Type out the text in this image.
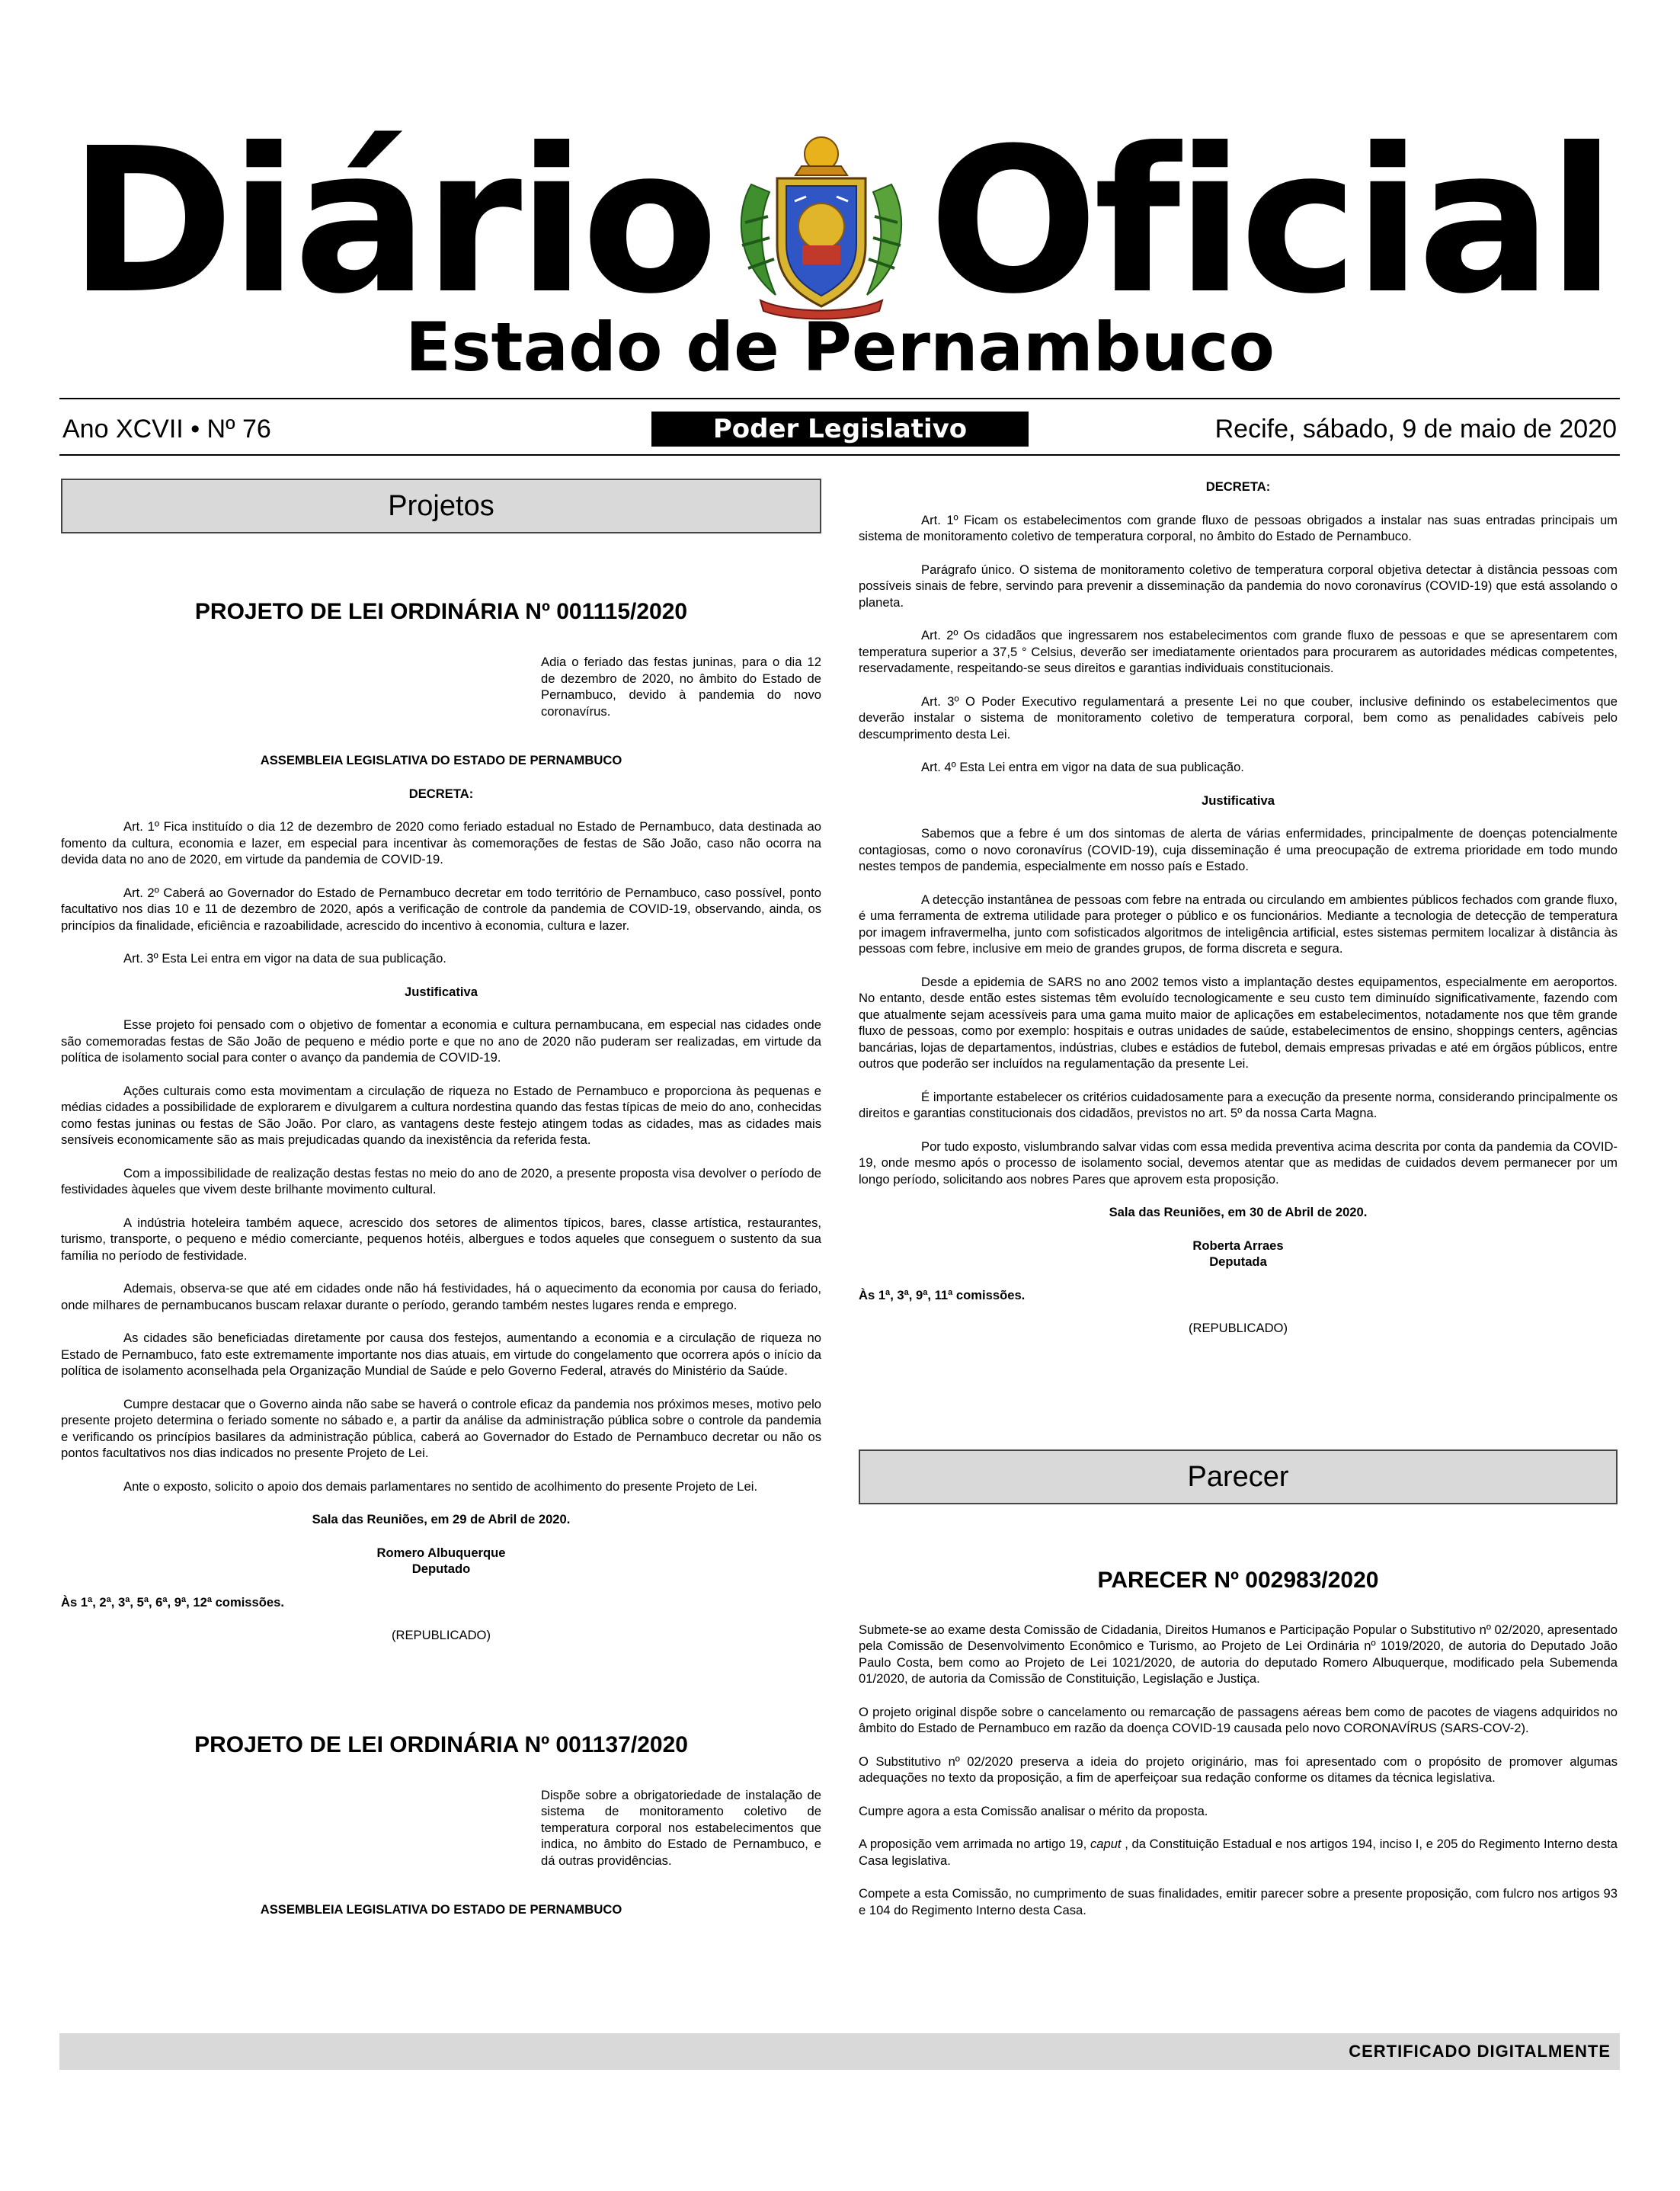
Diário Oficial
Estado de Pernambuco
Ano XCVII • Nº 76	Poder Legislativo	Recife, sábado, 9 de maio de 2020
Projetos
PROJETO DE LEI ORDINÁRIA Nº 001115/2020

Adia o feriado das festas juninas, para o dia 12 de dezembro de 2020, no âmbito do Estado de Pernambuco, devido à pandemia do novo coronavírus.

ASSEMBLEIA LEGISLATIVA DO ESTADO DE PERNAMBUCO

DECRETA:

Art. 1º Fica instituído o dia 12 de dezembro de 2020 como feriado estadual no Estado de Pernambuco, data destinada ao fomento da cultura, economia e lazer, em especial para incentivar às comemorações de festas de São João, caso não ocorra na devida data no ano de 2020, em virtude da pandemia de COVID-19.

Art. 2º Caberá ao Governador do Estado de Pernambuco decretar em todo território de Pernambuco, caso possível, ponto facultativo nos dias 10 e 11 de dezembro de 2020, após a verificação de controle da pandemia de COVID-19, observando, ainda, os princípios da finalidade, eficiência e razoabilidade, acrescido do incentivo à economia, cultura e lazer.

Art. 3º Esta Lei entra em vigor na data de sua publicação.

Justificativa

Esse projeto foi pensado com o objetivo de fomentar a economia e cultura pernambucana, em especial nas cidades onde são comemoradas festas de São João de pequeno e médio porte e que no ano de 2020 não puderam ser realizadas, em virtude da política de isolamento social para conter o avanço da pandemia de COVID-19.

Ações culturais como esta movimentam a circulação de riqueza no Estado de Pernambuco e proporciona às pequenas e médias cidades a possibilidade de explorarem e divulgarem a cultura nordestina quando das festas típicas de meio do ano, conhecidas como festas juninas ou festas de São João. Por claro, as vantagens deste festejo atingem todas as cidades, mas as cidades mais sensíveis economicamente são as mais prejudicadas quando da inexistência da referida festa.

Com a impossibilidade de realização destas festas no meio do ano de 2020, a presente proposta visa devolver o período de festividades àqueles que vivem deste brilhante movimento cultural.

A indústria hoteleira também aquece, acrescido dos setores de alimentos típicos, bares, classe artística, restaurantes, turismo, transporte, o pequeno e médio comerciante, pequenos hotéis, albergues e todos aqueles que conseguem o sustento da sua família no período de festividade.

Ademais, observa-se que até em cidades onde não há festividades, há o aquecimento da economia por causa do feriado, onde milhares de pernambucanos buscam relaxar durante o período, gerando também nestes lugares renda e emprego.

As cidades são beneficiadas diretamente por causa dos festejos, aumentando a economia e a circulação de riqueza no Estado de Pernambuco, fato este extremamente importante nos dias atuais, em virtude do congelamento que ocorrera após o início da política de isolamento aconselhada pela Organização Mundial de Saúde e pelo Governo Federal, através do Ministério da Saúde.

Cumpre destacar que o Governo ainda não sabe se haverá o controle eficaz da pandemia nos próximos meses, motivo pelo presente projeto determina o feriado somente no sábado e, a partir da análise da administração pública sobre o controle da pandemia e verificando os princípios basilares da administração pública, caberá ao Governador do Estado de Pernambuco decretar ou não os pontos facultativos nos dias indicados no presente Projeto de Lei.

Ante o exposto, solicito o apoio dos demais parlamentares no sentido de acolhimento do presente Projeto de Lei.

Sala das Reuniões, em 29 de Abril de 2020.

Romero Albuquerque

Deputado

Às 1ª, 2ª, 3ª, 5ª, 6ª, 9ª, 12ª comissões.

(REPUBLICADO)

PROJETO DE LEI ORDINÁRIA Nº 001137/2020

Dispõe sobre a obrigatoriedade de instalação de sistema de monitoramento coletivo de temperatura corporal nos estabelecimentos que indica, no âmbito do Estado de Pernambuco, e dá outras providências.

ASSEMBLEIA LEGISLATIVA DO ESTADO DE PERNAMBUCO

DECRETA:

Art. 1º Ficam os estabelecimentos com grande fluxo de pessoas obrigados a instalar nas suas entradas principais um sistema de monitoramento coletivo de temperatura corporal, no âmbito do Estado de Pernambuco.

Parágrafo único. O sistema de monitoramento coletivo de temperatura corporal objetiva detectar à distância pessoas com possíveis sinais de febre, servindo para prevenir a disseminação da pandemia do novo coronavírus (COVID-19) que está assolando o planeta.

Art. 2º Os cidadãos que ingressarem nos estabelecimentos com grande fluxo de pessoas e que se apresentarem com temperatura superior a 37,5 ° Celsius, deverão ser imediatamente orientados para procurarem as autoridades médicas competentes, reservadamente, respeitando-se seus direitos e garantias individuais constitucionais.

Art. 3º O Poder Executivo regulamentará a presente Lei no que couber, inclusive definindo os estabelecimentos que deverão instalar o sistema de monitoramento coletivo de temperatura corporal, bem como as penalidades cabíveis pelo descumprimento desta Lei.

Art. 4º Esta Lei entra em vigor na data de sua publicação.

Justificativa

Sabemos que a febre é um dos sintomas de alerta de várias enfermidades, principalmente de doenças potencialmente contagiosas, como o novo coronavírus (COVID-19), cuja disseminação é uma preocupação de extrema prioridade em todo mundo nestes tempos de pandemia, especialmente em nosso país e Estado.

A detecção instantânea de pessoas com febre na entrada ou circulando em ambientes públicos fechados com grande fluxo, é uma ferramenta de extrema utilidade para proteger o público e os funcionários. Mediante a tecnologia de detecção de temperatura por imagem infravermelha, junto com sofisticados algoritmos de inteligência artificial, estes sistemas permitem localizar à distância às pessoas com febre, inclusive em meio de grandes grupos, de forma discreta e segura.

Desde a epidemia de SARS no ano 2002 temos visto a implantação destes equipamentos, especialmente em aeroportos. No entanto, desde então estes sistemas têm evoluído tecnologicamente e seu custo tem diminuído significativamente, fazendo com que atualmente sejam acessíveis para uma gama muito maior de aplicações em estabelecimentos, notadamente nos que têm grande fluxo de pessoas, como por exemplo: hospitais e outras unidades de saúde, estabelecimentos de ensino, shoppings centers, agências bancárias, lojas de departamentos, indústrias, clubes e estádios de futebol, demais empresas privadas e até em órgãos públicos, entre outros que poderão ser incluídos na regulamentação da presente Lei.

É importante estabelecer os critérios cuidadosamente para a execução da presente norma, considerando principalmente os direitos e garantias constitucionais dos cidadãos, previstos no art. 5º da nossa Carta Magna.

Por tudo exposto, vislumbrando salvar vidas com essa medida preventiva acima descrita por conta da pandemia da COVID-19, onde mesmo após o processo de isolamento social, devemos atentar que as medidas de cuidados devem permanecer por um longo período, solicitando aos nobres Pares que aprovem esta proposição.

Sala das Reuniões, em 30 de Abril de 2020.

Roberta Arraes

Deputada

Às 1ª, 3ª, 9ª, 11ª comissões.

(REPUBLICADO)

Parecer
PARECER Nº 002983/2020

Submete-se ao exame desta Comissão de Cidadania, Direitos Humanos e Participação Popular o Substitutivo nº 02/2020, apresentado pela Comissão de Desenvolvimento Econômico e Turismo, ao Projeto de Lei Ordinária nº 1019/2020, de autoria do Deputado João Paulo Costa, bem como ao Projeto de Lei 1021/2020, de autoria do deputado Romero Albuquerque, modificado pela Subemenda 01/2020, de autoria da Comissão de Constituição, Legislação e Justiça.

O projeto original dispõe sobre o cancelamento ou remarcação de passagens aéreas bem como de pacotes de viagens adquiridos no âmbito do Estado de Pernambuco em razão da doença COVID-19 causada pelo novo CORONAVÍRUS (SARS-COV-2).

O Substitutivo nº 02/2020 preserva a ideia do projeto originário, mas foi apresentado com o propósito de promover algumas adequações no texto da proposição, a fim de aperfeiçoar sua redação conforme os ditames da técnica legislativa.

Cumpre agora a esta Comissão analisar o mérito da proposta.

A proposição vem arrimada no artigo 19, caput , da Constituição Estadual e nos artigos 194, inciso I, e 205 do Regimento Interno desta Casa legislativa.

Compete a esta Comissão, no cumprimento de suas finalidades, emitir parecer sobre a presente proposição, com fulcro nos artigos 93 e 104 do Regimento Interno desta Casa.

CERTIFICADO DIGITALMENTE
